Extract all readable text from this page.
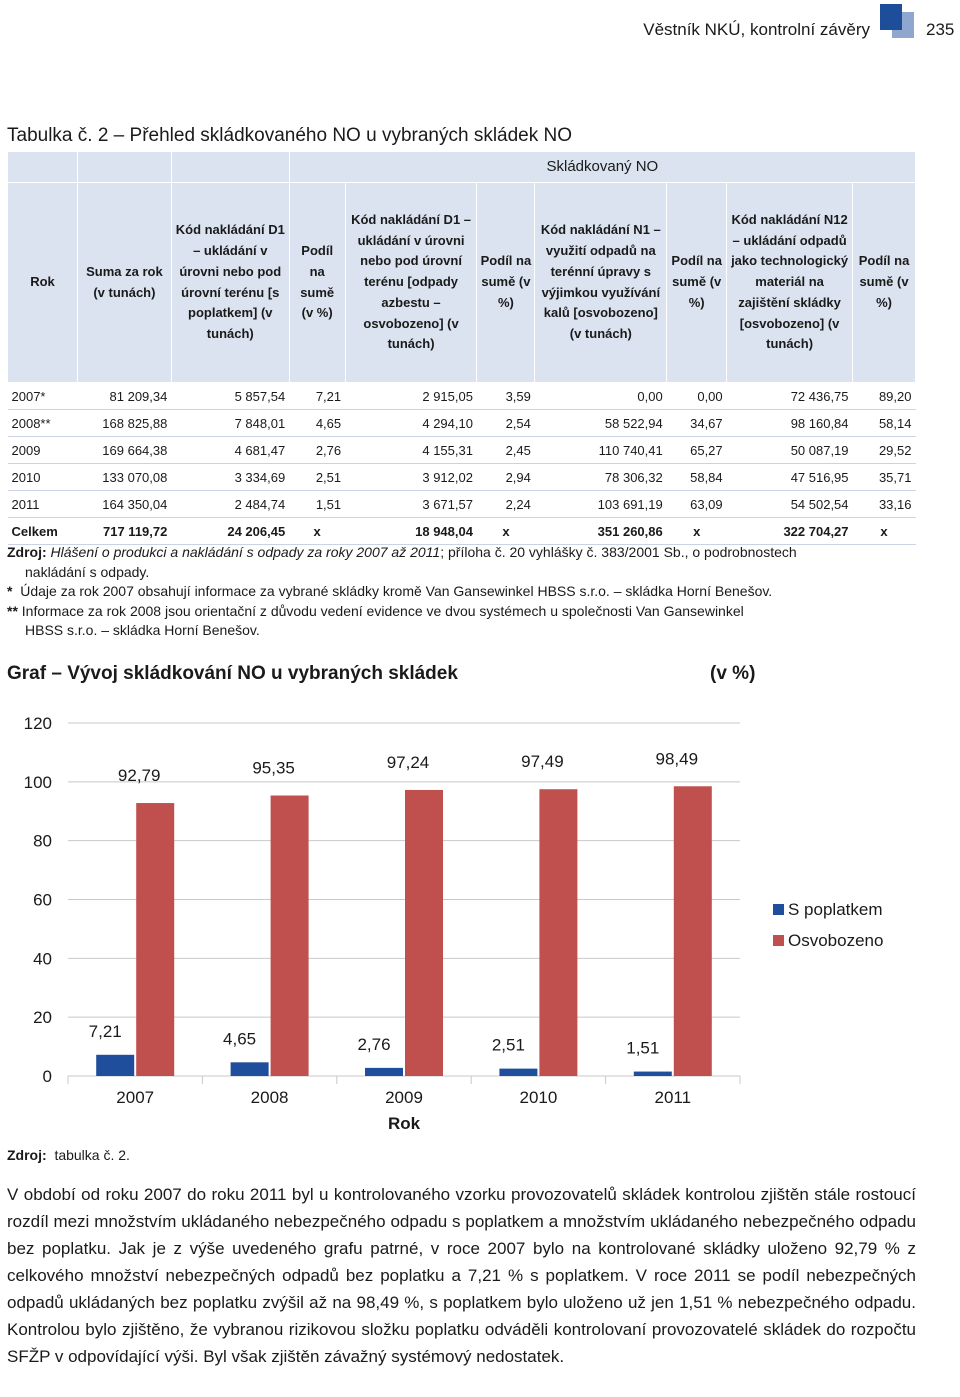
Věstník NKÚ, kontrolní závěry	235
Tabulka č. 2 – Přehled skládkovaného NO u vybraných skládek NO
			Skládkovaný NO						
Rok	Suma za rok (v tunách)	Kód nakládání D1 – ukládání v úrovni nebo pod úrovní terénu [s poplatkem] (v tunách)	Podíl na sumě (v %)	Kód nakládání D1 – ukládání v úrovni nebo pod úrovní terénu [odpady azbestu – osvobozeno] (v tunách)	Podíl na sumě (v %)	Kód nakládání N1 – využití odpadů na terénní úpravy s výjimkou využívání kalů [osvobozeno] (v tunách)	Podíl na sumě (v %)	Kód nakládání N12 – ukládání odpadů jako technologický materiál na zajištění skládky [osvobozeno] (v tunách)	Podíl na sumě (v %)
2007*	81 209,34	5 857,54	7,21	2 915,05	3,59	0,00	0,00	72 436,75	89,20
2008**	168 825,88	7 848,01	4,65	4 294,10	2,54	58 522,94	34,67	98 160,84	58,14
2009	169 664,38	4 681,47	2,76	4 155,31	2,45	110 740,41	65,27	50 087,19	29,52
2010	133 070,08	3 334,69	2,51	3 912,02	2,94	78 306,32	58,84	47 516,95	35,71
2011	164 350,04	2 484,74	1,51	3 671,57	2,24	103 691,19	63,09	54 502,54	33,16
Celkem	717 119,72	24 206,45	x	18 948,04	x	351 260,86	x	322 704,27	x

Zdroj: Hlášení o produkci a nakládání s odpady za roky 2007 až 2011; příloha č. 20 vyhlášky č. 383/2001 Sb., o podrobnostech

nakládání s odpady.

* Údaje za rok 2007 obsahují informace za vybrané skládky kromě Van Gansewinkel HBSS s.r.o. – skládka Horní Benešov.

** Informace za rok 2008 jsou orientační z důvodu vedení evidence ve dvou systémech u společnosti Van Gansewinkel

HBSS s.r.o. – skládka Horní Benešov.

Graf – Vývoj skládkování NO u vybraných skládek	(v %)
0
20
40
60
80
100
120
7,21
92,79
2007
4,65
95,35
2008
2,76
97,24
2009
2,51
97,49
2010
1,51
98,49
2011
Rok
S poplatkem
Osvobozeno
Zdroj: tabulka č. 2.
V období od roku 2007 do roku 2011 byl u kontrolovaného vzorku provozovatelů skládek kontrolou zjištěn stále rostoucí rozdíl mezi množstvím ukládaného nebezpečného odpadu s poplatkem a množstvím ukládaného nebezpečného odpadu bez poplatku. Jak je z výše uvedeného grafu patrné, v roce 2007 bylo na kontrolované skládky uloženo 92,79 % z celkového množství nebezpečných odpadů bez poplatku a 7,21 % s poplatkem. V roce 2011 se podíl nebezpečných odpadů ukládaných bez poplatku zvýšil až na 98,49 %, s poplatkem bylo uloženo už jen 1,51 % nebezpečného odpadu. Kontrolou bylo zjištěno, že vybranou rizikovou složku poplatku odváděli kontrolovaní provozovatelé skládek do rozpočtu SFŽP v odpovídající výši. Byl však zjištěn závažný systémový nedostatek.
